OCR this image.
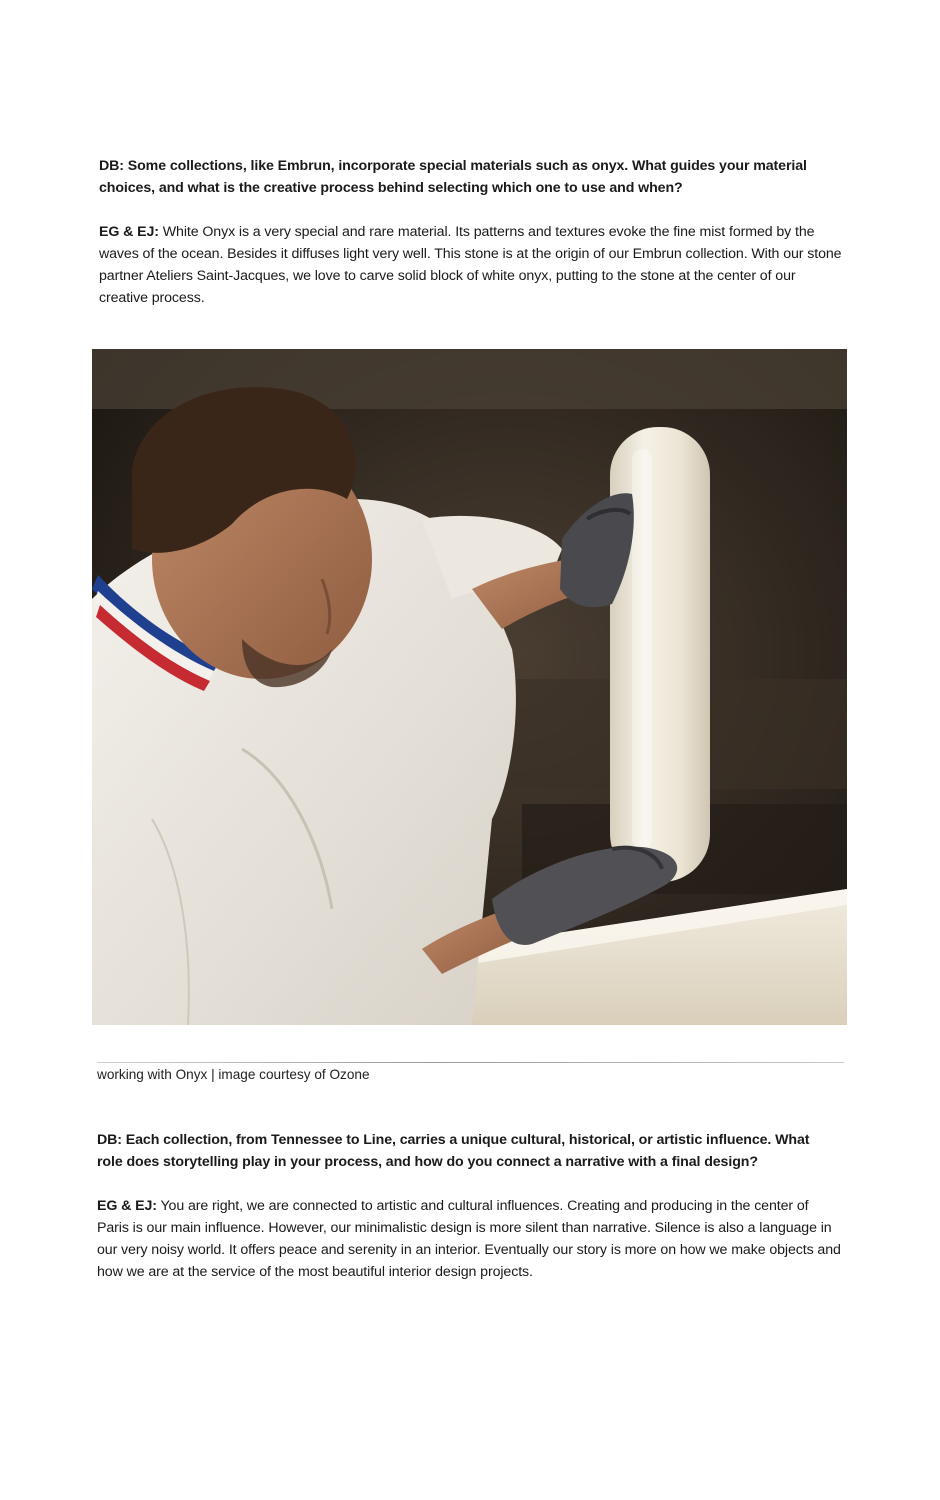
DB: Some collections, like Embrun, incorporate special materials such as onyx. What guides your material choices, and what is the creative process behind selecting which one to use and when?

EG & EJ: White Onyx is a very special and rare material. Its patterns and textures evoke the fine mist formed by the waves of the ocean. Besides it diffuses light very well. This stone is at the origin of our Embrun collection. With our stone partner Ateliers Saint-Jacques, we love to carve solid block of white onyx, putting to the stone at the center of our creative process.

working with Onyx | image courtesy of Ozone

DB: Each collection, from Tennessee to Line, carries a unique cultural, historical, or artistic influence. What role does storytelling play in your process, and how do you connect a narrative with a final design?

EG & EJ: You are right, we are connected to artistic and cultural influences. Creating and producing in the center of Paris is our main influence. However, our minimalistic design is more silent than narrative. Silence is also a language in our very noisy world. It offers peace and serenity in an interior. Eventually our story is more on how we make objects and how we are at the service of the most beautiful interior design projects.
